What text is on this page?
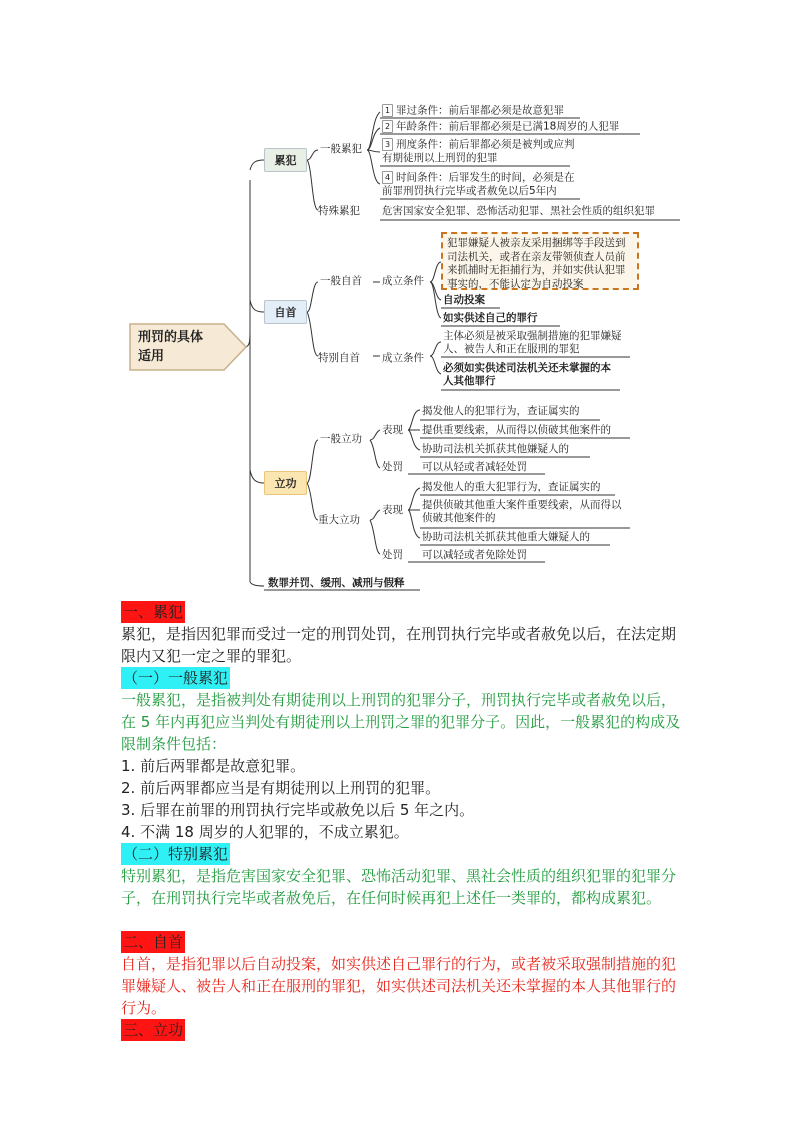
刑罚的具体适用
累犯
一般累犯
1 罪过条件：前后罪都必须是故意犯罪
2 年龄条件：前后罪都必须是已满18周岁的人犯罪
3 刑度条件：前后罪都必须是被判或应判有期徒刑以上刑罚的犯罪
4 时间条件：后罪发生的时间，必须是在前罪刑罚执行完毕或者赦免以后5年内
特殊累犯 危害国家安全犯罪、恐怖活动犯罪、黑社会性质的组织犯罪
自首
一般自首 成立条件
犯罪嫌疑人被亲友采用捆绑等手段送到司法机关，或者在亲友带领侦查人员前来抓捕时无拒捕行为，并如实供认犯罪事实的，不能认定为自动投案
自动投案
如实供述自己的罪行
特别自首 成立条件
主体必须是被采取强制措施的犯罪嫌疑人、被告人和正在服刑的罪犯
必须如实供述司法机关还未掌握的本人其他罪行
立功
一般立功
表现
揭发他人的犯罪行为，查证属实的
提供重要线索，从而得以侦破其他案件的
协助司法机关抓获其他嫌疑人的
处罚 可以从轻或者减轻处罚
重大立功
表现
揭发他人的重大犯罪行为，查证属实的
提供侦破其他重大案件重要线索，从而得以侦破其他案件的
协助司法机关抓获其他重大嫌疑人的
处罚 可以减轻或者免除处罚
数罪并罚、缓刑、减刑与假释
一、累犯
累犯，是指因犯罪而受过一定的刑罚处罚，在刑罚执行完毕或者赦免以后，在法定期限内又犯一定之罪的罪犯。
（一）一般累犯
一般累犯，是指被判处有期徒刑以上刑罚的犯罪分子，刑罚执行完毕或者赦免以后，在 5 年内再犯应当判处有期徒刑以上刑罚之罪的犯罪分子。因此，一般累犯的构成及限制条件包括：
1. 前后两罪都是故意犯罪。
2. 前后两罪都应当是有期徒刑以上刑罚的犯罪。
3. 后罪在前罪的刑罚执行完毕或赦免以后 5 年之内。
4. 不满 18 周岁的人犯罪的，不成立累犯。
（二）特别累犯
特别累犯，是指危害国家安全犯罪、恐怖活动犯罪、黑社会性质的组织犯罪的犯罪分子，在刑罚执行完毕或者赦免后，在任何时候再犯上述任一类罪的，都构成累犯。
二、自首
自首，是指犯罪以后自动投案，如实供述自己罪行的行为，或者被采取强制措施的犯罪嫌疑人、被告人和正在服刑的罪犯，如实供述司法机关还未掌握的本人其他罪行的行为。
三、立功
